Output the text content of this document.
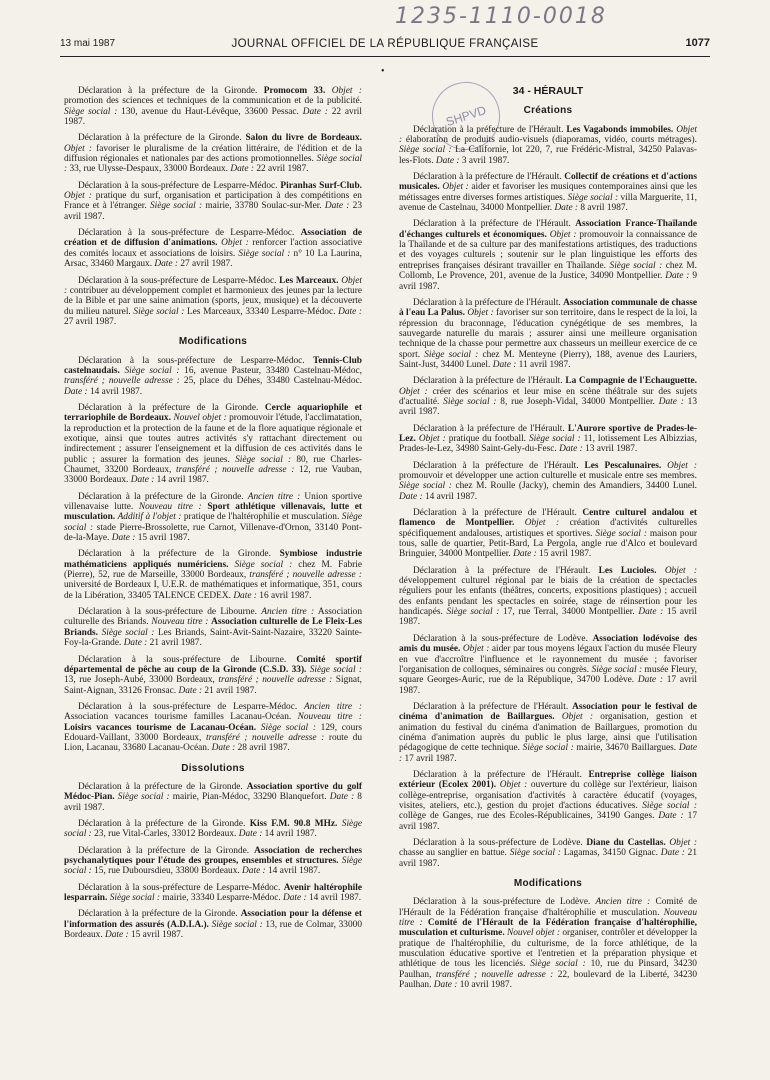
1235-1110-0018
13 mai 1987	JOURNAL OFFICIEL DE LA RÉPUBLIQUE FRANÇAISE	1077
•
SHPVD

Déclaration à la préfecture de la Gironde. Promocom 33. Objet : promotion des sciences et techniques de la communication et de la publicité. Siège social : 130, avenue du Haut-Lévêque, 33600 Pessac. Date : 22 avril 1987.

Déclaration à la préfecture de la Gironde. Salon du livre de Bordeaux. Objet : favoriser le pluralisme de la création littéraire, de l'édition et de la diffusion régionales et nationales par des actions promotionnelles. Siège social : 33, rue Ulysse-Despaux, 33000 Bordeaux. Date : 22 avril 1987.

Déclaration à la sous-préfecture de Lesparre-Médoc. Piranhas Surf-Club. Objet : pratique du surf, organisation et participation à des compétitions en France et à l'étranger. Siège social : mairie, 33780 Soulac-sur-Mer. Date : 23 avril 1987.

Déclaration à la sous-préfecture de Lesparre-Médoc. Association de création et de diffusion d'animations. Objet : renforcer l'action associative des comités locaux et associations de loisirs. Siège social : n° 10 La Laurina, Arsac, 33460 Margaux. Date : 27 avril 1987.

Déclaration à la sous-préfecture de Lesparre-Médoc. Les Marceaux. Objet : contribuer au développement complet et harmonieux des jeunes par la lecture de la Bible et par une saine animation (sports, jeux, musique) et la découverte du milieu naturel. Siège social : Les Marceaux, 33340 Lesparre-Médoc. Date : 27 avril 1987.

Modifications

Déclaration à la sous-préfecture de Lesparre-Médoc. Tennis-Club castelnaudais. Siège social : 16, avenue Pasteur, 33480 Castelnau-Médoc, transféré ; nouvelle adresse : 25, place du Déhes, 33480 Castelnau-Médoc. Date : 14 avril 1987.

Déclaration à la préfecture de la Gironde. Cercle aquariophile et terrariophile de Bordeaux. Nouvel objet : promouvoir l'étude, l'acclimatation, la reproduction et la protection de la faune et de la flore aquatique régionale et exotique, ainsi que toutes autres activités s'y rattachant directement ou indirectement ; assurer l'enseignement et la diffusion de ces activités dans le public ; assurer la formation des jeunes. Siège social : 80, rue Charles-Chaumet, 33200 Bordeaux, transféré ; nouvelle adresse : 12, rue Vauban, 33000 Bordeaux. Date : 14 avril 1987.

Déclaration à la préfecture de la Gironde. Ancien titre : Union sportive villenavaise lutte. Nouveau titre : Sport athlétique villenavais, lutte et musculation. Additif à l'objet : pratique de l'haltérophilie et musculation. Siège social : stade Pierre-Brossolette, rue Carnot, Villenave-d'Ornon, 33140 Pont-de-la-Maye. Date : 15 avril 1987.

Déclaration à la préfecture de la Gironde. Symbiose industrie mathématiciens appliqués numériciens. Siège social : chez M. Fabrie (Pierre), 52, rue de Marseille, 33000 Bordeaux, transféré ; nouvelle adresse : université de Bordeaux I, U.E.R. de mathématiques et informatique, 351, cours de la Libération, 33405 TALENCE CEDEX. Date : 16 avril 1987.

Déclaration à la sous-préfecture de Libourne. Ancien titre : Association culturelle des Briands. Nouveau titre : Association culturelle de Le Fleix-Les Briands. Siège social : Les Briands, Saint-Avit-Saint-Nazaire, 33220 Sainte-Foy-la-Grande. Date : 21 avril 1987.

Déclaration à la sous-préfecture de Libourne. Comité sportif départemental de pêche au coup de la Gironde (C.S.D. 33). Siège social : 13, rue Joseph-Aubé, 33000 Bordeaux, transféré ; nouvelle adresse : Signat, Saint-Aignan, 33126 Fronsac. Date : 21 avril 1987.

Déclaration à la sous-préfecture de Lesparre-Médoc. Ancien titre : Association vacances tourisme familles Lacanau-Océan. Nouveau titre : Loisirs vacances tourisme de Lacanau-Océan. Siège social : 129, cours Edouard-Vaillant, 33000 Bordeaux, transféré ; nouvelle adresse : route du Lion, Lacanau, 33680 Lacanau-Océan. Date : 28 avril 1987.

Dissolutions

Déclaration à la préfecture de la Gironde. Association sportive du golf Médoc-Pian. Siège social : mairie, Pian-Médoc, 33290 Blanquefort. Date : 8 avril 1987.

Déclaration à la préfecture de la Gironde. Kiss F.M. 90.8 MHz. Siège social : 23, rue Vital-Carles, 33012 Bordeaux. Date : 14 avril 1987.

Déclaration à la préfecture de la Gironde. Association de recherches psychanalytiques pour l'étude des groupes, ensembles et structures. Siège social : 15, rue Duboursdieu, 33800 Bordeaux. Date : 14 avril 1987.

Déclaration à la sous-préfecture de Lesparre-Médoc. Avenir haltérophile lesparrain. Siège social : mairie, 33340 Lesparre-Médoc. Date : 14 avril 1987.

Déclaration à la préfecture de la Gironde. Association pour la défense et l'information des assurés (A.D.I.A.). Siège social : 13, rue de Colmar, 33000 Bordeaux. Date : 15 avril 1987.

34 - HÉRAULT
Créations

Déclaration à la préfecture de l'Hérault. Les Vagabonds immobiles. Objet : élaboration de produits audio-visuels (diaporamas, vidéo, courts métrages). Siège social : La Californie, lot 220, 7, rue Frédéric-Mistral, 34250 Palavas-les-Flots. Date : 3 avril 1987.

Déclaration à la préfecture de l'Hérault. Collectif de créations et d'actions musicales. Objet : aider et favoriser les musiques contemporaines ainsi que les métissages entre diverses formes artistiques. Siège social : villa Marguerite, 11, avenue de Castelnau, 34000 Montpellier. Date : 8 avril 1987.

Déclaration à la préfecture de l'Hérault. Association France-Thaïlande d'échanges culturels et économiques. Objet : promouvoir la connaissance de la Thaïlande et de sa culture par des manifestations artistiques, des traductions et des voyages culturels ; soutenir sur le plan linguistique les efforts des entreprises françaises désirant travailler en Thaïlande. Siège social : chez M. Collomb, Le Provence, 201, avenue de la Justice, 34090 Montpellier. Date : 9 avril 1987.

Déclaration à la préfecture de l'Hérault. Association communale de chasse à l'eau La Palus. Objet : favoriser sur son territoire, dans le respect de la loi, la répression du braconnage, l'éducation cynégétique de ses membres, la sauvegarde naturelle du marais ; assurer ainsi une meilleure organisation technique de la chasse pour permettre aux chasseurs un meilleur exercice de ce sport. Siège social : chez M. Menteyne (Pierry), 188, avenue des Lauriers, Saint-Just, 34400 Lunel. Date : 11 avril 1987.

Déclaration à la préfecture de l'Hérault. La Compagnie de l'Echauguette. Objet : créer des scénarios et leur mise en scène théâtrale sur des sujets d'actualité. Siège social : 8, rue Joseph-Vidal, 34000 Montpellier. Date : 13 avril 1987.

Déclaration à la préfecture de l'Hérault. L'Aurore sportive de Prades-le-Lez. Objet : pratique du football. Siège social : 11, lotissement Les Albizzias, Prades-le-Lez, 34980 Saint-Gely-du-Fesc. Date : 13 avril 1987.

Déclaration à la préfecture de l'Hérault. Les Pescalunaires. Objet : promouvoir et développer une action culturelle et musicale entre ses membres. Siège social : chez M. Roulle (Jacky), chemin des Amandiers, 34400 Lunel. Date : 14 avril 1987.

Déclaration à la préfecture de l'Hérault. Centre culturel andalou et flamenco de Montpellier. Objet : création d'activités culturelles spécifiquement andalouses, artistiques et sportives. Siège social : maison pour tous, salle de quartier, Petit-Bard, La Pergola, angle rue d'Alco et boulevard Bringuier, 34000 Montpellier. Date : 15 avril 1987.

Déclaration à la préfecture de l'Hérault. Les Lucioles. Objet : développement culturel régional par le biais de la création de spectacles réguliers pour les enfants (théâtres, concerts, expositions plastiques) ; accueil des enfants pendant les spectacles en soirée, stage de réinsertion pour les handicapés. Siège social : 17, rue Terral, 34000 Montpellier. Date : 15 avril 1987.

Déclaration à la sous-préfecture de Lodève. Association lodévoise des amis du musée. Objet : aider par tous moyens légaux l'action du musée Fleury en vue d'accroître l'influence et le rayonnement du musée ; favoriser l'organisation de colloques, séminaires ou congrès. Siège social : musée Fleury, square Georges-Auric, rue de la République, 34700 Lodève. Date : 17 avril 1987.

Déclaration à la préfecture de l'Hérault. Association pour le festival de cinéma d'animation de Baillargues. Objet : organisation, gestion et animation du festival du cinéma d'animation de Baillargues, promotion du cinéma d'animation auprès du public le plus large, ainsi que l'utilisation pédagogique de cette technique. Siège social : mairie, 34670 Baillargues. Date : 17 avril 1987.

Déclaration à la préfecture de l'Hérault. Entreprise collège liaison extérieur (Ecolex 2001). Objet : ouverture du collège sur l'extérieur, liaison collège-entreprise, organisation d'activités à caractère éducatif (voyages, visites, ateliers, etc.), gestion du projet d'actions éducatives. Siège social : collège de Ganges, rue des Ecoles-Républicaines, 34190 Ganges. Date : 17 avril 1987.

Déclaration à la sous-préfecture de Lodève. Diane du Castellas. Objet : chasse au sanglier en battue. Siège social : Lagamas, 34150 Gignac. Date : 21 avril 1987.

Modifications

Déclaration à la sous-préfecture de Lodève. Ancien titre : Comité de l'Hérault de la Fédération française d'haltérophilie et musculation. Nouveau titre : Comité de l'Hérault de la Fédération française d'haltérophilie, musculation et culturisme. Nouvel objet : organiser, contrôler et développer la pratique de l'haltérophilie, du culturisme, de la force athlétique, de la musculation éducative sportive et l'entretien et la préparation physique et athlétique de tous les licenciés. Siège social : 10, rue du Pinsard, 34230 Paulhan, transféré ; nouvelle adresse : 22, boulevard de la Liberté, 34230 Paulhan. Date : 10 avril 1987.
